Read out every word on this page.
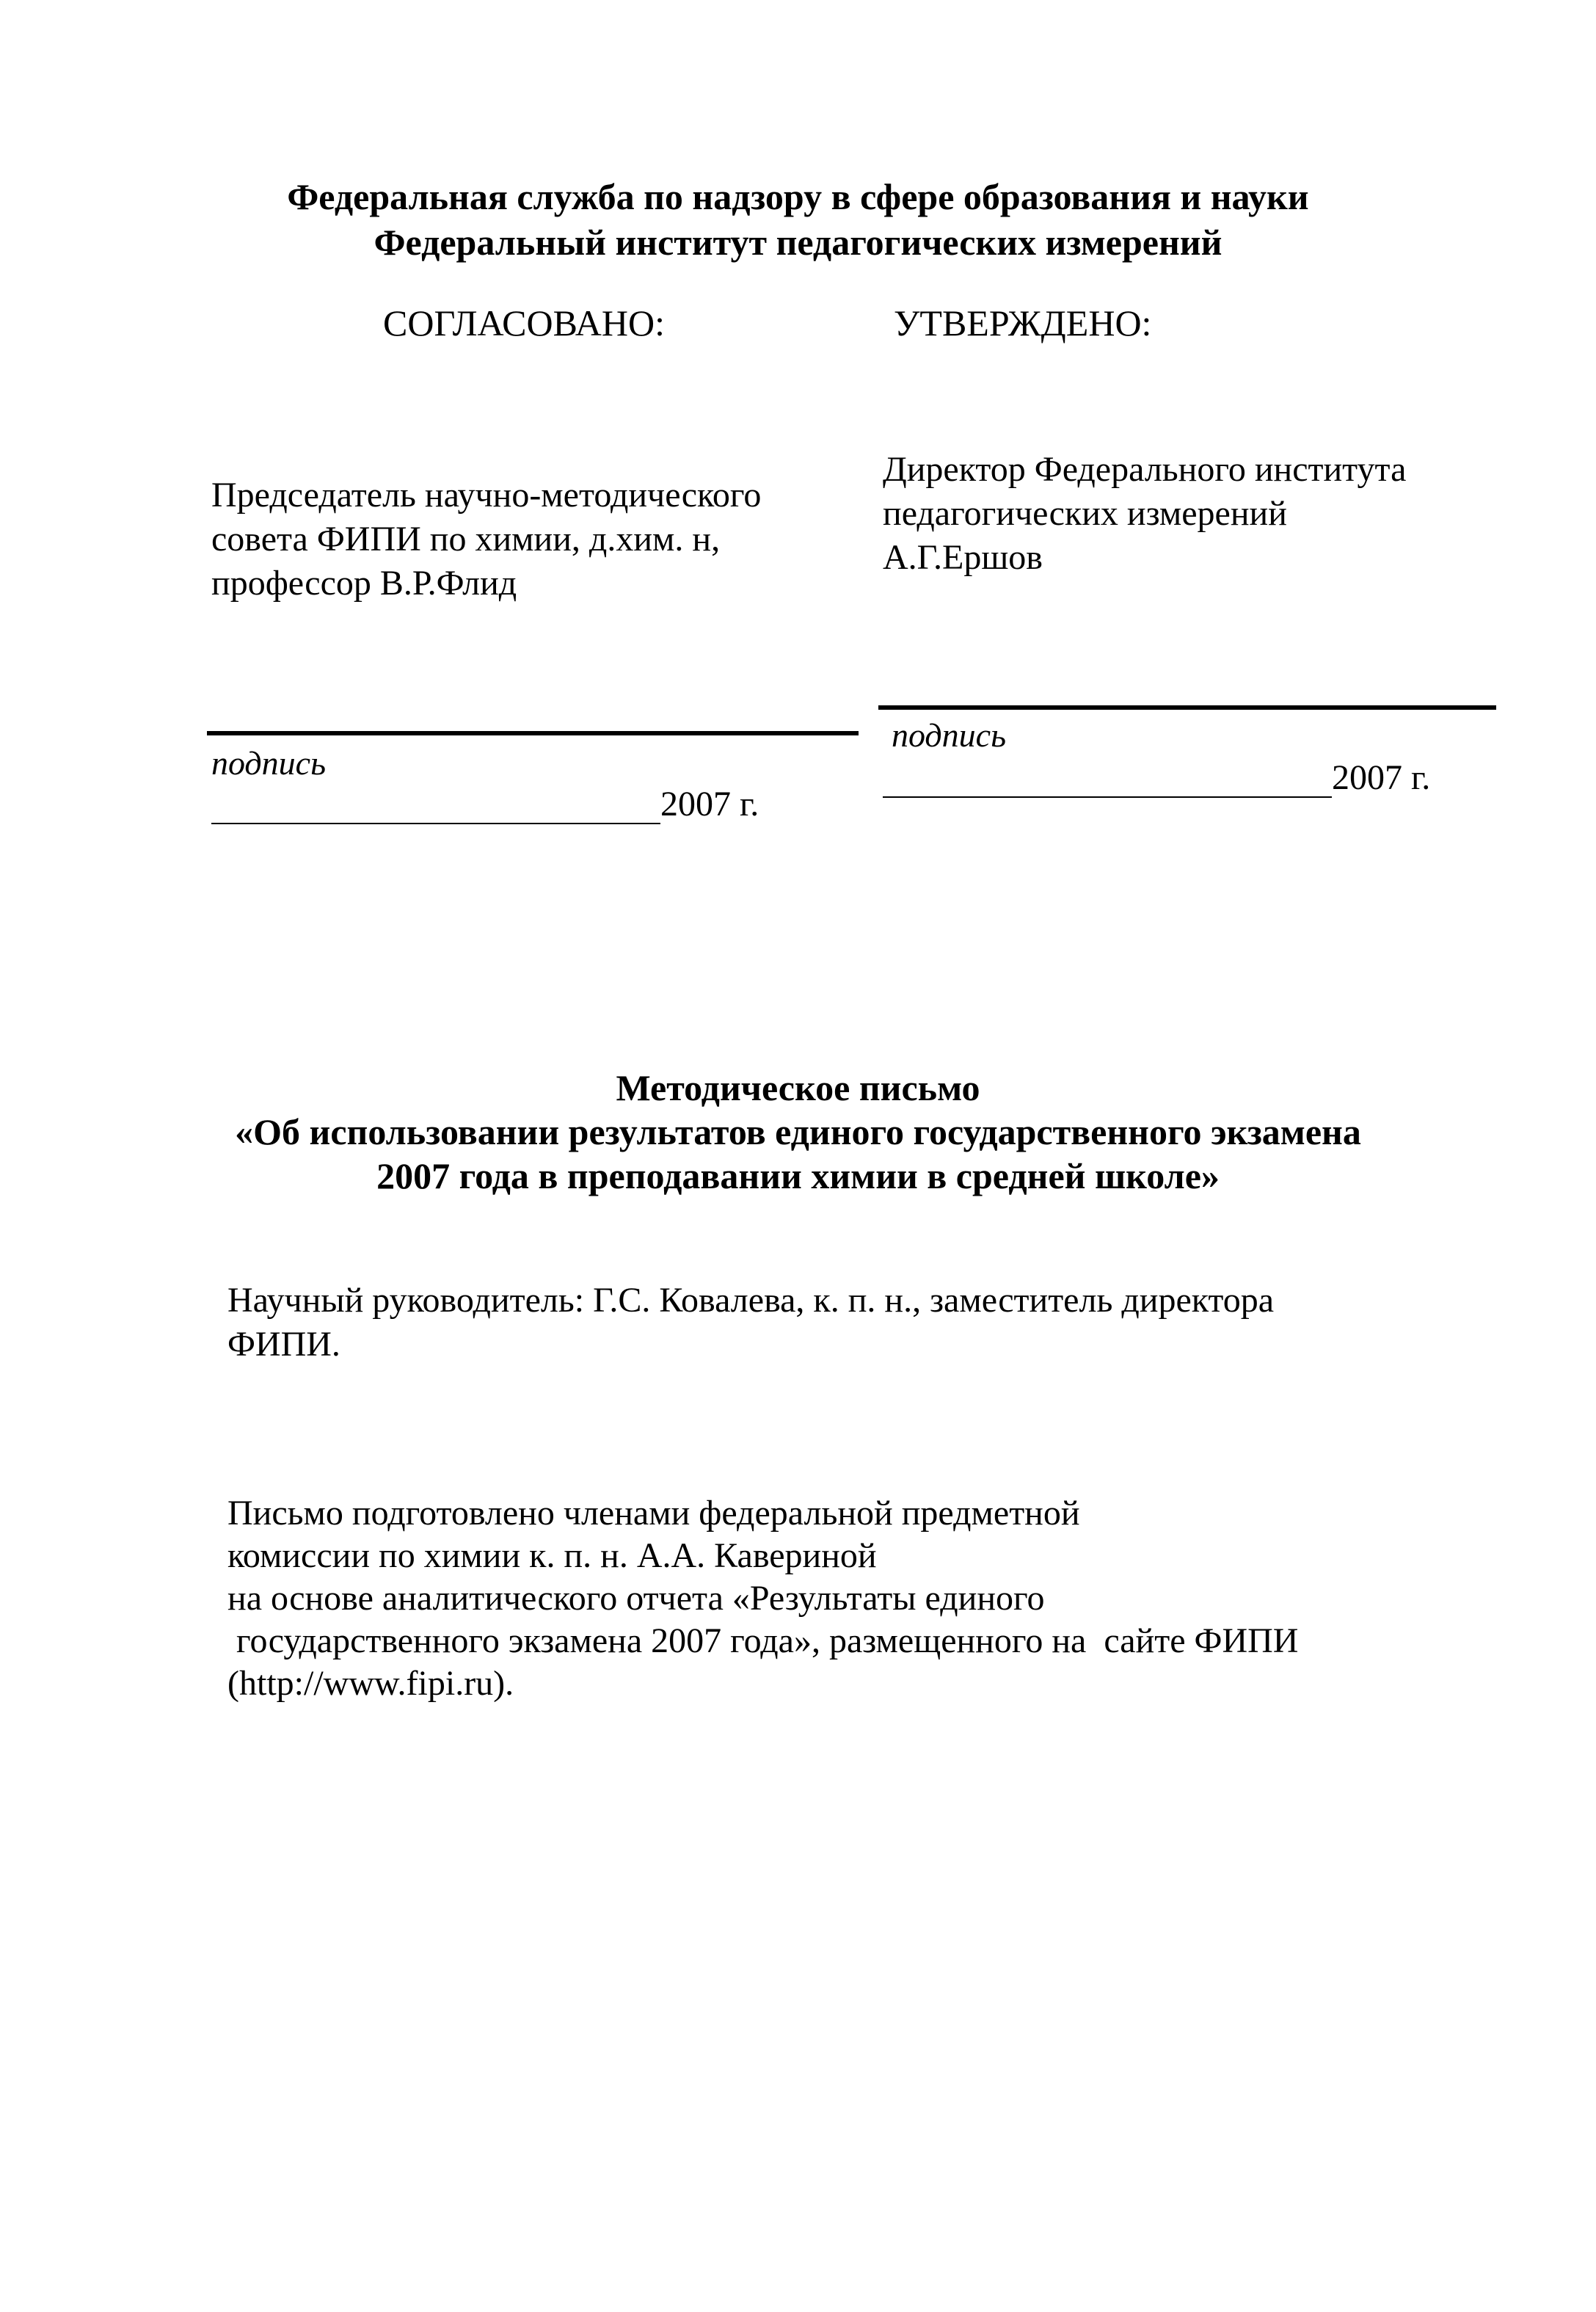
Федеральная служба по надзору в сфере образования и науки
Федеральный институт педагогических измерений
СОГЛАСОВАНО:	УТВЕРЖДЕНО:
Председатель научно-методического
совета ФИПИ по химии, д.хим. н,
профессор В.Р.Флид
Директор Федерального института
педагогических измерений
А.Г.Ершов
подпись
подпись
2007 г.
2007 г.
Методическое письмо
«Об использовании результатов единого государственного экзамена
2007 года в преподавании химии в средней школе»
Научный руководитель: Г.С. Ковалева, к. п. н., заместитель директора
ФИПИ.
Письмо подготовлено членами федеральной предметной
комиссии по химии к. п. н. А.А. Кавериной
на основе аналитического отчета «Результаты единого
государственного экзамена 2007 года», размещенного на  сайте ФИПИ
(http://www.fipi.ru).
